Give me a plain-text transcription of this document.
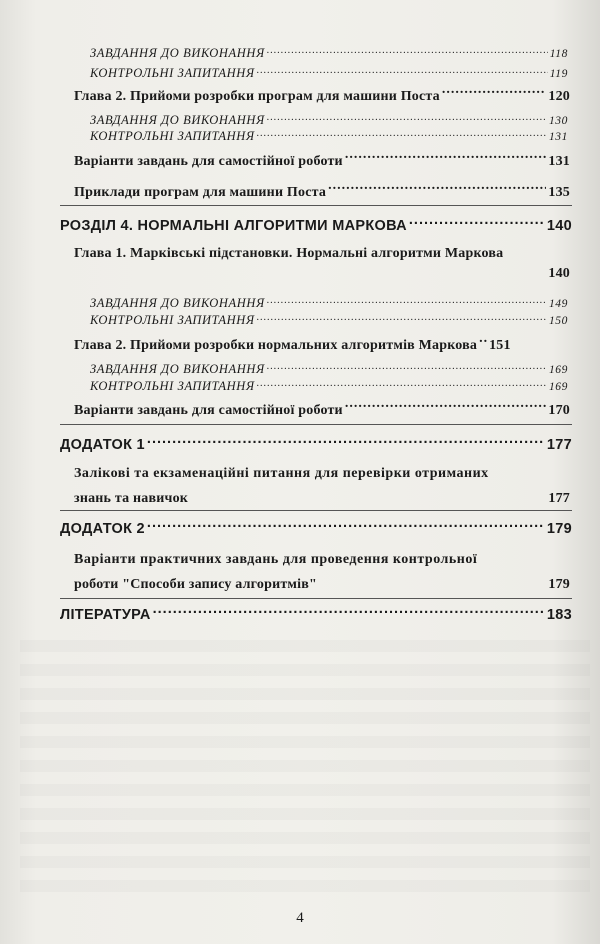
ЗАВДАННЯ ДО ВИКОНАННЯ .....	118
КОНТРОЛЬНІ ЗАПИТАННЯ .....	119
Глава 2. Прийоми розробки програм для машини Поста .....	120
ЗАВДАННЯ ДО ВИКОНАННЯ .....	130
КОНТРОЛЬНІ ЗАПИТАННЯ .....	131
Варіанти завдань для самостійної роботи .....	131
Приклади програм для машини Поста .....	135
РОЗДІЛ 4. НОРМАЛЬНІ АЛГОРИТМИ МАРКОВА .....	140
Глава 1. Марківські підстановки. Нормальні алгоритми Маркова
140
ЗАВДАННЯ ДО ВИКОНАННЯ .....	149
КОНТРОЛЬНІ ЗАПИТАННЯ .....	150
Глава 2. Прийоми розробки нормальних алгоритмів Маркова ..... 151
ЗАВДАННЯ ДО ВИКОНАННЯ .....	169
КОНТРОЛЬНІ ЗАПИТАННЯ .....	169
Варіанти завдань для самостійної роботи .....	170
ДОДАТОК 1 .....	177
Залікові та екзаменаційні питання для перевірки отриманих
знань та навичок	177
ДОДАТОК 2 .....	179
Варіанти практичних завдань для проведення контрольної
роботи "Способи запису алгоритмів"	179
ЛІТЕРАТУРА .....	183
4
